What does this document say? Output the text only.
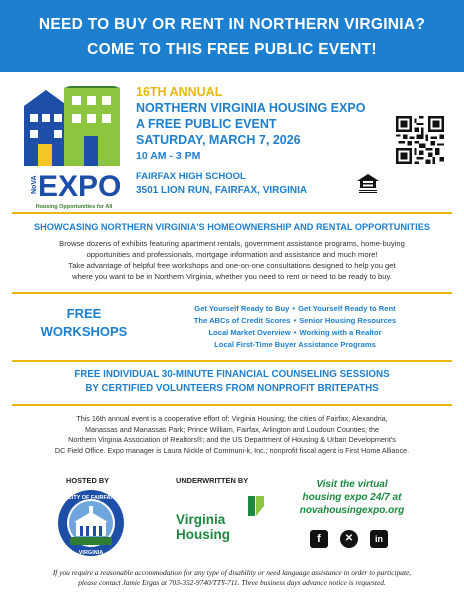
NEED TO BUY OR RENT IN NORTHERN VIRGINIA?
COME TO THIS FREE PUBLIC EVENT!
NoVA EXPO
Housing Opportunities for All
16TH ANNUAL
NORTHERN VIRGINIA HOUSING EXPO
A FREE PUBLIC EVENT
SATURDAY, MARCH 7, 2026
10 AM - 3 PM
FAIRFAX HIGH SCHOOL
3501 LION RUN, FAIRFAX, VIRGINIA
SHOWCASING NORTHERN VIRGINIA'S HOMEOWNERSHIP AND RENTAL OPPORTUNITIES
Browse dozens of exhibits featuring apartment rentals, government assistance programs, home-buying
opportunities and professionals, mortgage information and assistance and much more!
Take advantage of helpful free workshops and one-on-one consultations designed to help you get
where you want to be in Northern Virginia, whether you need to rent or need to be ready to buy.
FREE
WORKSHOPS
Get Yourself Ready to Buy • Get Yourself Ready to Rent
The ABCs of Credit Scores • Senior Housing Resources
Local Market Overview • Working with a Realtor
Local First-Time Buyer Assistance Programs
FREE INDIVIDUAL 30-MINUTE FINANCIAL COUNSELING SESSIONS
BY CERTIFIED VOLUNTEERS FROM NONPROFIT BRITEPATHS
This 16th annual event is a cooperative effort of: Virginia Housing; the cities of Fairfax, Alexandria,
Manassas and Manassas Park; Prince William, Fairfax, Arlington and Loudoun Counties; the
Northern Virginia Association of Realtors®; and the US Department of Housing & Urban Development's
DC Field Office. Expo manager is Laura Nickle of Communi-k, Inc.; nonprofit fiscal agent is First Home Alliance.
HOSTED BY	UNDERWRITTEN BY
CITY OF FAIRFAX
VIRGINIA
Virginia
Housing
Visit the virtual
housing expo 24/7 at
novahousingexpo.org
f	✕	in
If you require a reasonable accommodation for any type of disability or need language assistance in order to participate,
please contact Jamie Ergas at 703-352-9740/TTY-711. Three business days advance notice is requested.
